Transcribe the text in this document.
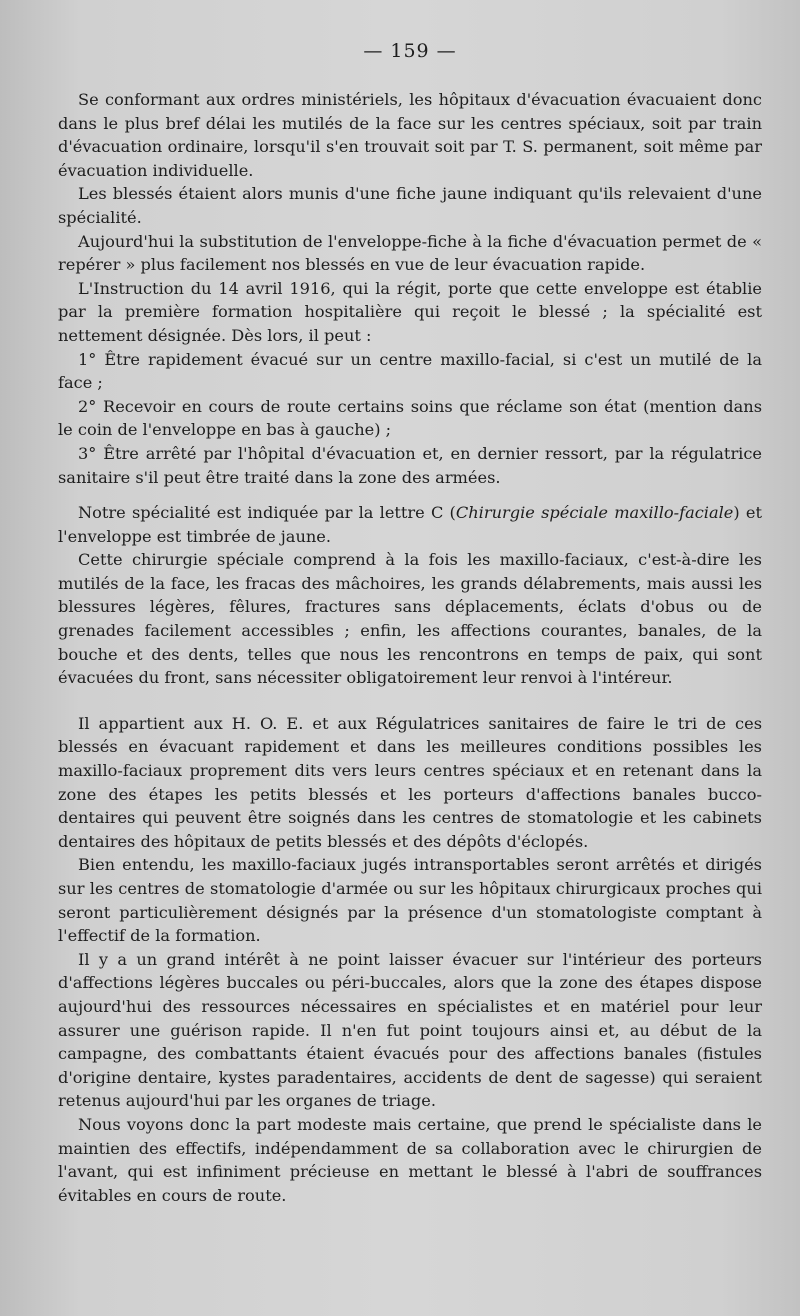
— 159 —

Se conformant aux ordres ministériels, les hôpitaux d'évacuation évacuaient donc dans le plus bref délai les mutilés de la face sur les centres spéciaux, soit par train d'évacuation ordinaire, lorsqu'il s'en trouvait soit par T. S. permanent, soit même par évacuation individuelle.

Les blessés étaient alors munis d'une fiche jaune indiquant qu'ils relevaient d'une spécialité.

Aujourd'hui la substitution de l'enveloppe-fiche à la fiche d'évacuation permet de « repérer » plus facilement nos blessés en vue de leur évacuation rapide.

L'Instruction du 14 avril 1916, qui la régit, porte que cette enveloppe est établie par la première formation hospitalière qui reçoit le blessé ; la spécialité est nettement désignée. Dès lors, il peut :

1° Être rapidement évacué sur un centre maxillo-facial, si c'est un mutilé de la face ;

2° Recevoir en cours de route certains soins que réclame son état (mention dans le coin de l'enveloppe en bas à gauche) ;

3° Être arrêté par l'hôpital d'évacuation et, en dernier ressort, par la régulatrice sanitaire s'il peut être traité dans la zone des armées.

Notre spécialité est indiquée par la lettre C (Chirurgie spéciale maxillo-faciale) et l'enveloppe est timbrée de jaune.

Cette chirurgie spéciale comprend à la fois les maxillo-faciaux, c'est-à-dire les mutilés de la face, les fracas des mâchoires, les grands délabrements, mais aussi les blessures légères, fêlures, fractures sans déplacements, éclats d'obus ou de grenades facilement accessibles ; enfin, les affections courantes, banales, de la bouche et des dents, telles que nous les rencontrons en temps de paix, qui sont évacuées du front, sans nécessiter obligatoirement leur renvoi à l'intéreur.

Il appartient aux H. O. E. et aux Régulatrices sanitaires de faire le tri de ces blessés en évacuant rapidement et dans les meilleures conditions possibles les maxillo-faciaux proprement dits vers leurs centres spéciaux et en retenant dans la zone des étapes les petits blessés et les porteurs d'affections banales bucco-dentaires qui peuvent être soignés dans les centres de stomatologie et les cabinets dentaires des hôpitaux de petits blessés et des dépôts d'éclopés.

Bien entendu, les maxillo-faciaux jugés intransportables seront arrêtés et dirigés sur les centres de stomatologie d'armée ou sur les hôpitaux chirurgicaux proches qui seront particulièrement désignés par la présence d'un stomatologiste comptant à l'effectif de la formation.

Il y a un grand intérêt à ne point laisser évacuer sur l'intérieur des porteurs d'affections légères buccales ou péri-buccales, alors que la zone des étapes dispose aujourd'hui des ressources nécessaires en spécialistes et en matériel pour leur assurer une guérison rapide. Il n'en fut point toujours ainsi et, au début de la campagne, des combattants étaient évacués pour des affections banales (fistules d'origine dentaire, kystes paradentaires, accidents de dent de sagesse) qui seraient retenus aujourd'hui par les organes de triage.

Nous voyons donc la part modeste mais certaine, que prend le spécialiste dans le maintien des effectifs, indépendamment de sa collaboration avec le chirurgien de l'avant, qui est infiniment précieuse en mettant le blessé à l'abri de souffrances évitables en cours de route.
